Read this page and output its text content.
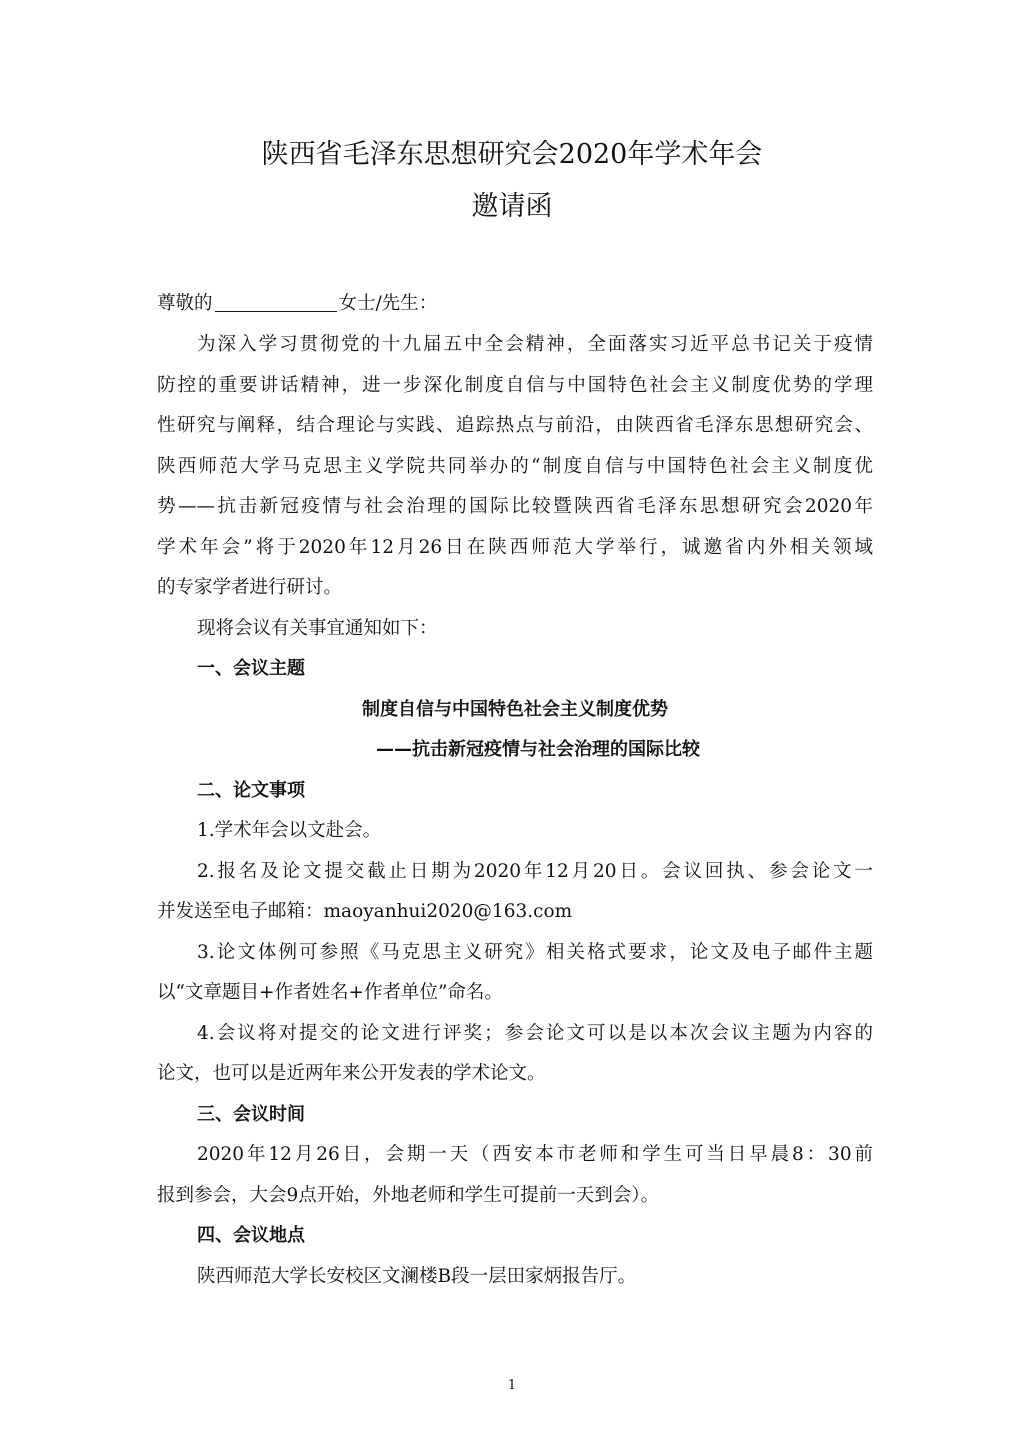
陕西省毛泽东思想研究会2020年学术年会
邀请函
尊敬的	女士/先生：
为深入学习贯彻党的十九届五中全会精神，全面落实习近平总书记关于疫情
防控的重要讲话精神，进一步深化制度自信与中国特色社会主义制度优势的学理
性研究与阐释，结合理论与实践、追踪热点与前沿，由陕西省毛泽东思想研究会、
陕西师范大学马克思主义学院共同举办的“制度自信与中国特色社会主义制度优
势——抗击新冠疫情与社会治理的国际比较暨陕西省毛泽东思想研究会2020年
学术年会”将于2020年12月26日在陕西师范大学举行，诚邀省内外相关领域
的专家学者进行研讨。
现将会议有关事宜通知如下：
一、会议主题
制度自信与中国特色社会主义制度优势
——抗击新冠疫情与社会治理的国际比较
二、论文事项
1.学术年会以文赴会。
2.报名及论文提交截止日期为2020年12月20日。会议回执、参会论文一
并发送至电子邮箱：maoyanhui2020@163.com
3.论文体例可参照《马克思主义研究》相关格式要求，论文及电子邮件主题
以“文章题目+作者姓名+作者单位”命名。
4.会议将对提交的论文进行评奖；参会论文可以是以本次会议主题为内容的
论文，也可以是近两年来公开发表的学术论文。
三、会议时间
2020年12月26日，会期一天（西安本市老师和学生可当日早晨8：30前
报到参会，大会9点开始，外地老师和学生可提前一天到会）。
四、会议地点
陕西师范大学长安校区文澜楼B段一层田家炳报告厅。
1
